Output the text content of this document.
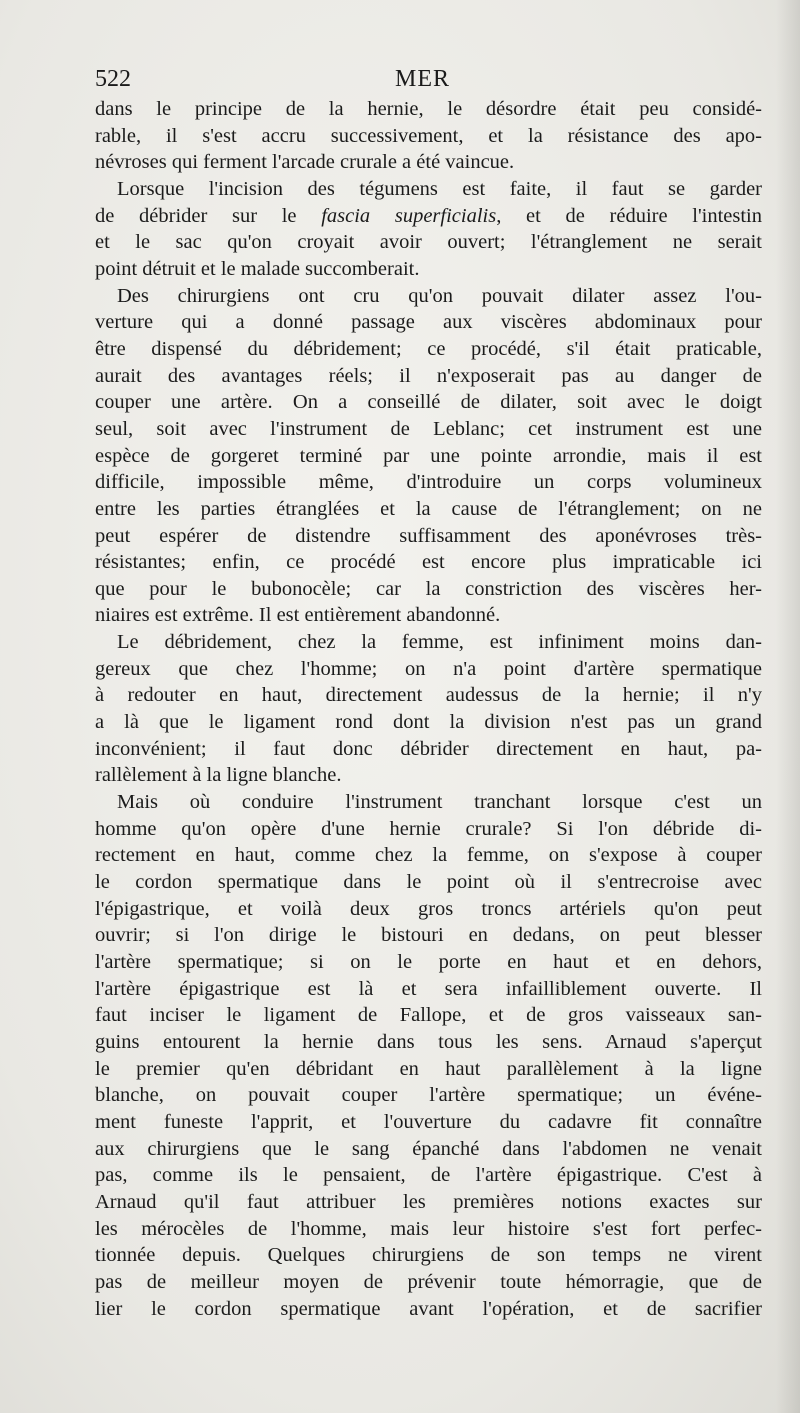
522	MER

dans le principe de la hernie, le désordre était peu considé-
rable, il s'est accru successivement, et la résistance des apo-
névroses qui ferment l'arcade crurale a été vaincue.

Lorsque l'incision des tégumens est faite, il faut se garder
de débrider sur le fascia superficialis, et de réduire l'intestin
et le sac qu'on croyait avoir ouvert; l'étranglement ne serait
point détruit et le malade succomberait.

Des chirurgiens ont cru qu'on pouvait dilater assez l'ou-
verture qui a donné passage aux viscères abdominaux pour
être dispensé du débridement; ce procédé, s'il était praticable,
aurait des avantages réels; il n'exposerait pas au danger de
couper une artère. On a conseillé de dilater, soit avec le doigt
seul, soit avec l'instrument de Leblanc; cet instrument est une
espèce de gorgeret terminé par une pointe arrondie, mais il est
difficile, impossible même, d'introduire un corps volumineux
entre les parties étranglées et la cause de l'étranglement; on ne
peut espérer de distendre suffisamment des aponévroses très-
résistantes; enfin, ce procédé est encore plus impraticable ici
que pour le bubonocèle; car la constriction des viscères her-
niaires est extrême. Il est entièrement abandonné.

Le débridement, chez la femme, est infiniment moins dan-
gereux que chez l'homme; on n'a point d'artère spermatique
à redouter en haut, directement audessus de la hernie; il n'y
a là que le ligament rond dont la division n'est pas un grand
inconvénient; il faut donc débrider directement en haut, pa-
rallèlement à la ligne blanche.

Mais où conduire l'instrument tranchant lorsque c'est un
homme qu'on opère d'une hernie crurale? Si l'on débride di-
rectement en haut, comme chez la femme, on s'expose à couper
le cordon spermatique dans le point où il s'entrecroise avec
l'épigastrique, et voilà deux gros troncs artériels qu'on peut
ouvrir; si l'on dirige le bistouri en dedans, on peut blesser
l'artère spermatique; si on le porte en haut et en dehors,
l'artère épigastrique est là et sera infailliblement ouverte. Il
faut inciser le ligament de Fallope, et de gros vaisseaux san-
guins entourent la hernie dans tous les sens. Arnaud s'aperçut
le premier qu'en débridant en haut parallèlement à la ligne
blanche, on pouvait couper l'artère spermatique; un événe-
ment funeste l'apprit, et l'ouverture du cadavre fit connaître
aux chirurgiens que le sang épanché dans l'abdomen ne venait
pas, comme ils le pensaient, de l'artère épigastrique. C'est à
Arnaud qu'il faut attribuer les premières notions exactes sur
les mérocèles de l'homme, mais leur histoire s'est fort perfec-
tionnée depuis. Quelques chirurgiens de son temps ne virent
pas de meilleur moyen de prévenir toute hémorragie, que de
lier le cordon spermatique avant l'opération, et de sacrifier
